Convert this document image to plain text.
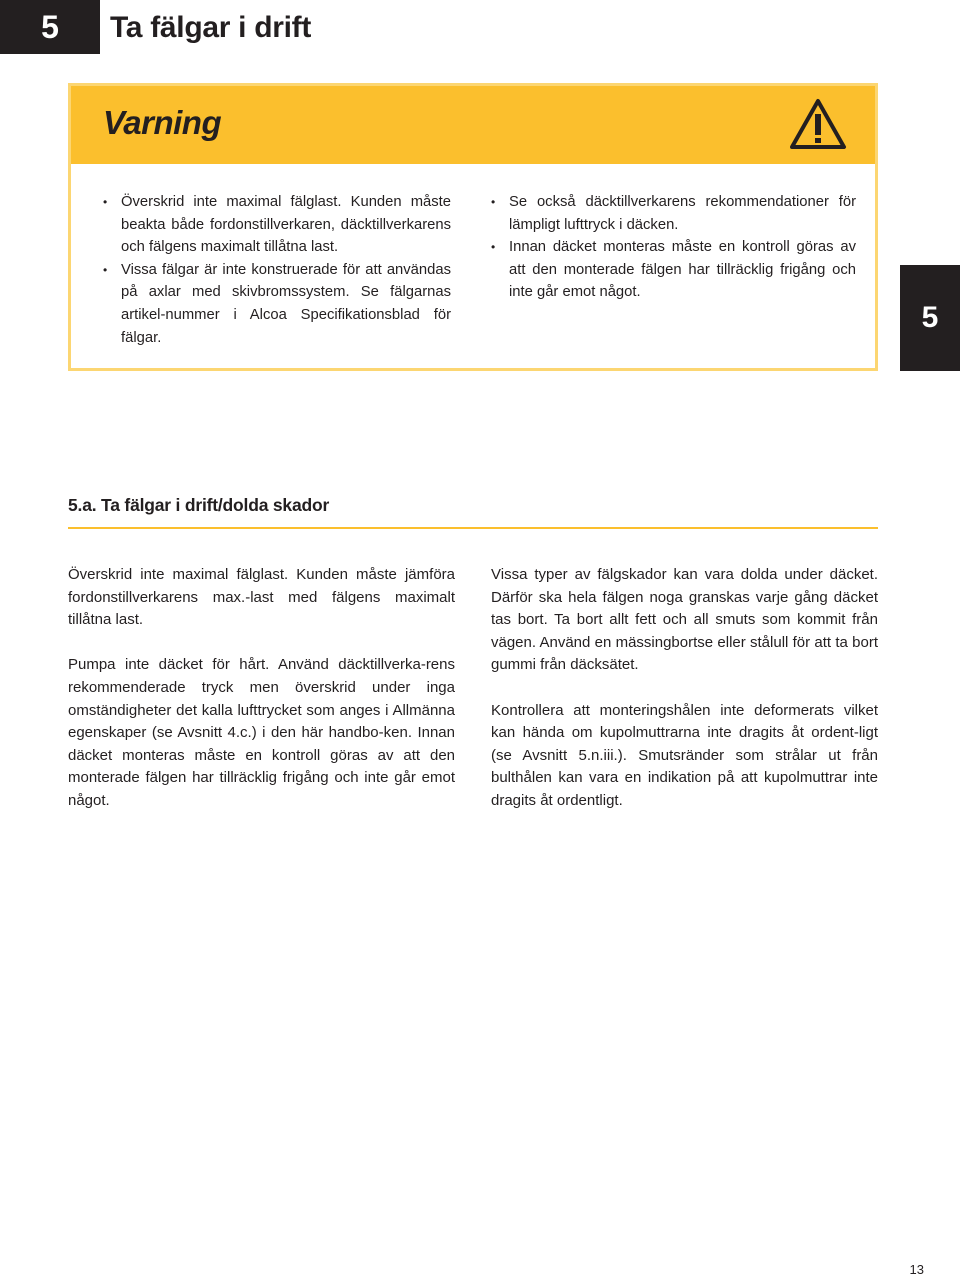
5 Ta fälgar i drift
Varning
• Överskrid inte maximal fälglast. Kunden måste beakta både fordonstillverkaren, däcktillverkarens och fälgens maximalt tillåtna last.
• Vissa fälgar är inte konstruerade för att användas på axlar med skivbromssystem. Se fälgarnas artikel-nummer i Alcoa Specifikationsblad för fälgar.
• Se också däcktillverkarens rekommendationer för lämpligt lufttryck i däcken.
• Innan däcket monteras måste en kontroll göras av att den monterade fälgen har tillräcklig frigång och inte går emot något.
5
5.a. Ta fälgar i drift/dolda skador

Överskrid inte maximal fälglast. Kunden måste jämföra fordonstillverkarens max.-last med fälgens maximalt tillåtna last.

Pumpa inte däcket för hårt. Använd däcktillverka-rens rekommenderade tryck men överskrid under inga omständigheter det kalla lufttrycket som anges i Allmänna egenskaper (se Avsnitt 4.c.) i den här handbo-ken. Innan däcket monteras måste en kontroll göras av att den monterade fälgen har tillräcklig frigång och inte går emot något.

Vissa typer av fälgskador kan vara dolda under däcket. Därför ska hela fälgen noga granskas varje gång däcket tas bort. Ta bort allt fett och all smuts som kommit från vägen. Använd en mässingbortse eller stålull för att ta bort gummi från däcksätet.

Kontrollera att monteringshålen inte deformerats vilket kan hända om kupolmuttrarna inte dragits åt ordent-ligt (se Avsnitt 5.n.iii.). Smutsränder som strålar ut från bulthålen kan vara en indikation på att kupolmuttrar inte dragits åt ordentligt.

13
